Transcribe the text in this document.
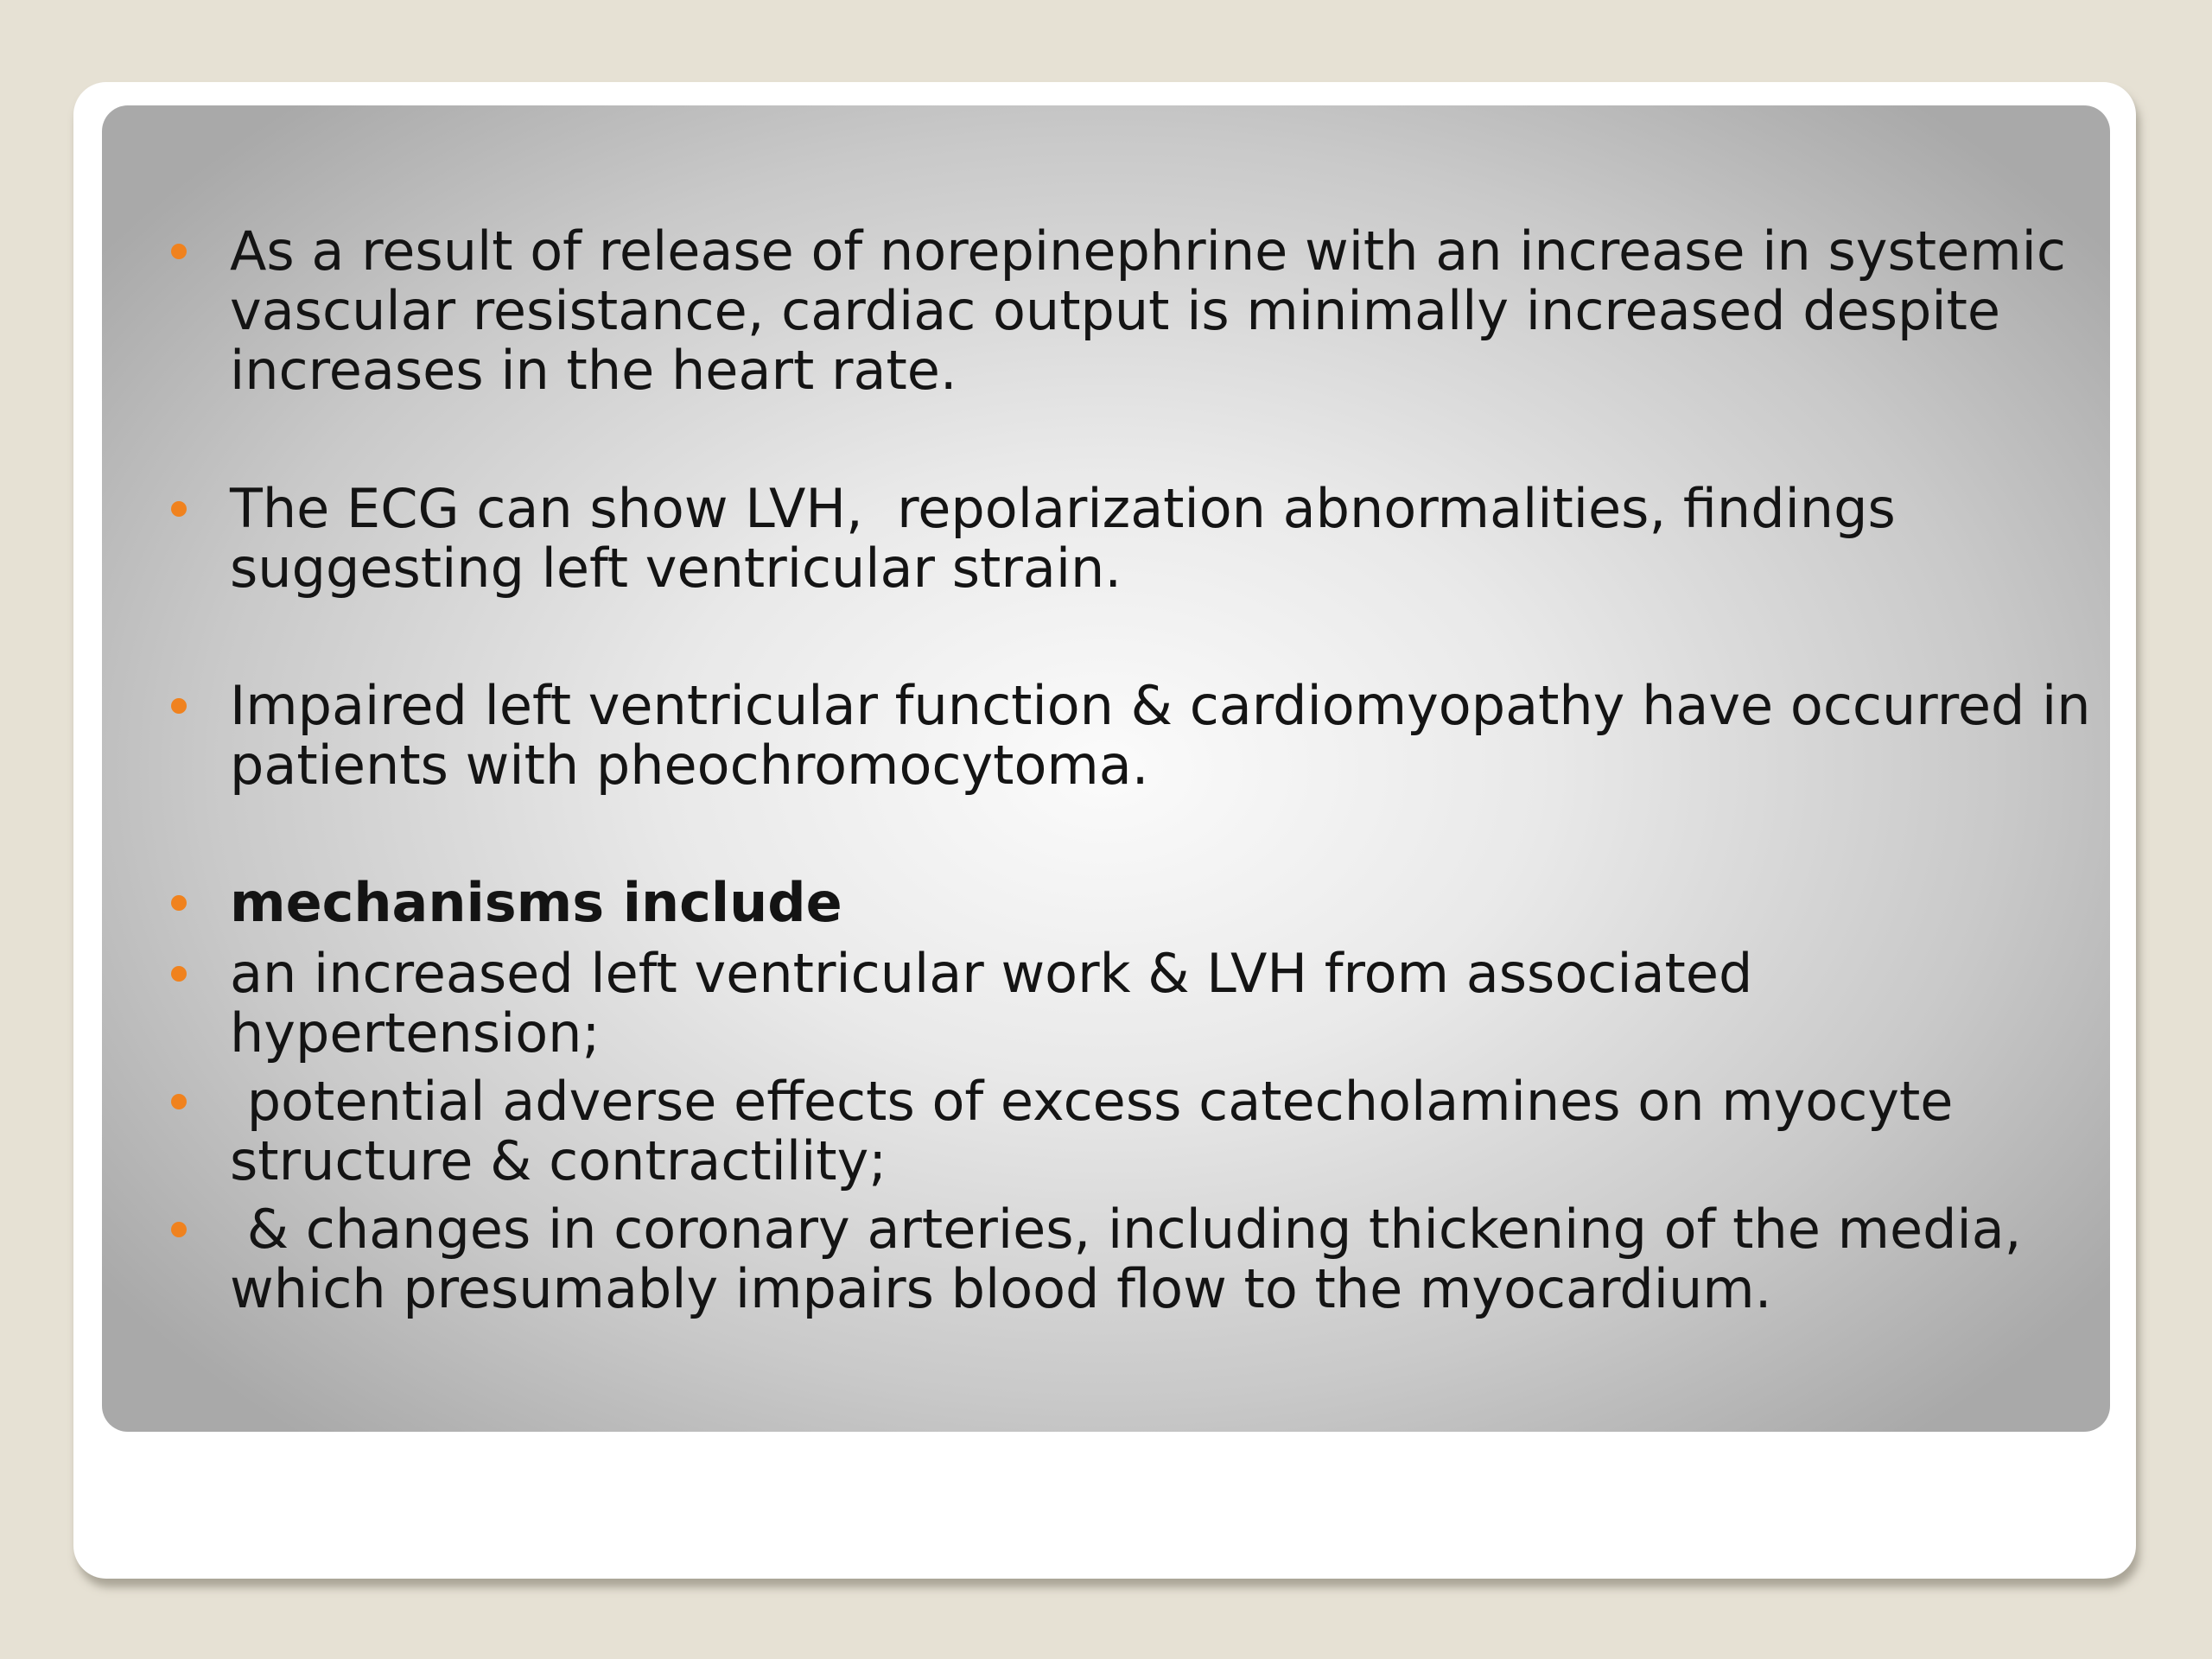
As a result of release of norepinephrine with an increase in systemic vascular resistance, cardiac output is minimally increased despite increases in the heart rate.
The ECG can show LVH,  repolarization abnormalities, findings suggesting left ventricular strain.
Impaired left ventricular function & cardiomyopathy have occurred in patients with pheochromocytoma.
mechanisms include
an increased left ventricular work & LVH from associated hypertension;
potential adverse effects of excess catecholamines on myocyte structure & contractility;
& changes in coronary arteries, including thickening of the media, which presumably impairs blood flow to the myocardium.
